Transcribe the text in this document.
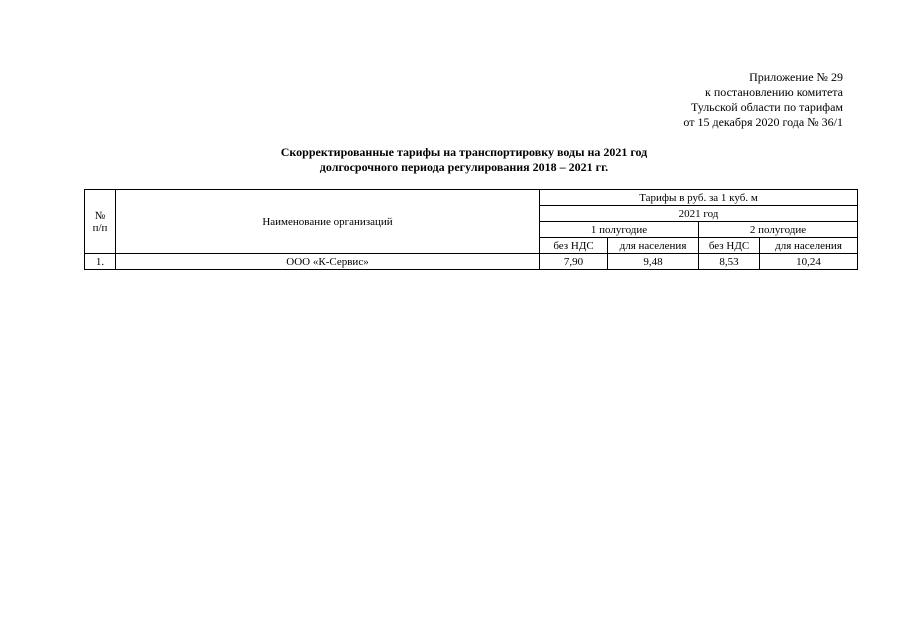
Приложение № 29
к постановлению комитета
Тульской области по тарифам
от 15 декабря 2020 года № 36/1
Скорректированные тарифы на транспортировку воды на 2021 год
долгосрочного периода регулирования 2018 – 2021 гг.
№
п/п	Наименование организаций	Тарифы в руб. за 1 куб. м			
		2021 год			
		1 полугодие		2 полугодие	
		без НДС	для населения	без НДС	для населения
1.	ООО «К-Сервис»	7,90	9,48	8,53	10,24
